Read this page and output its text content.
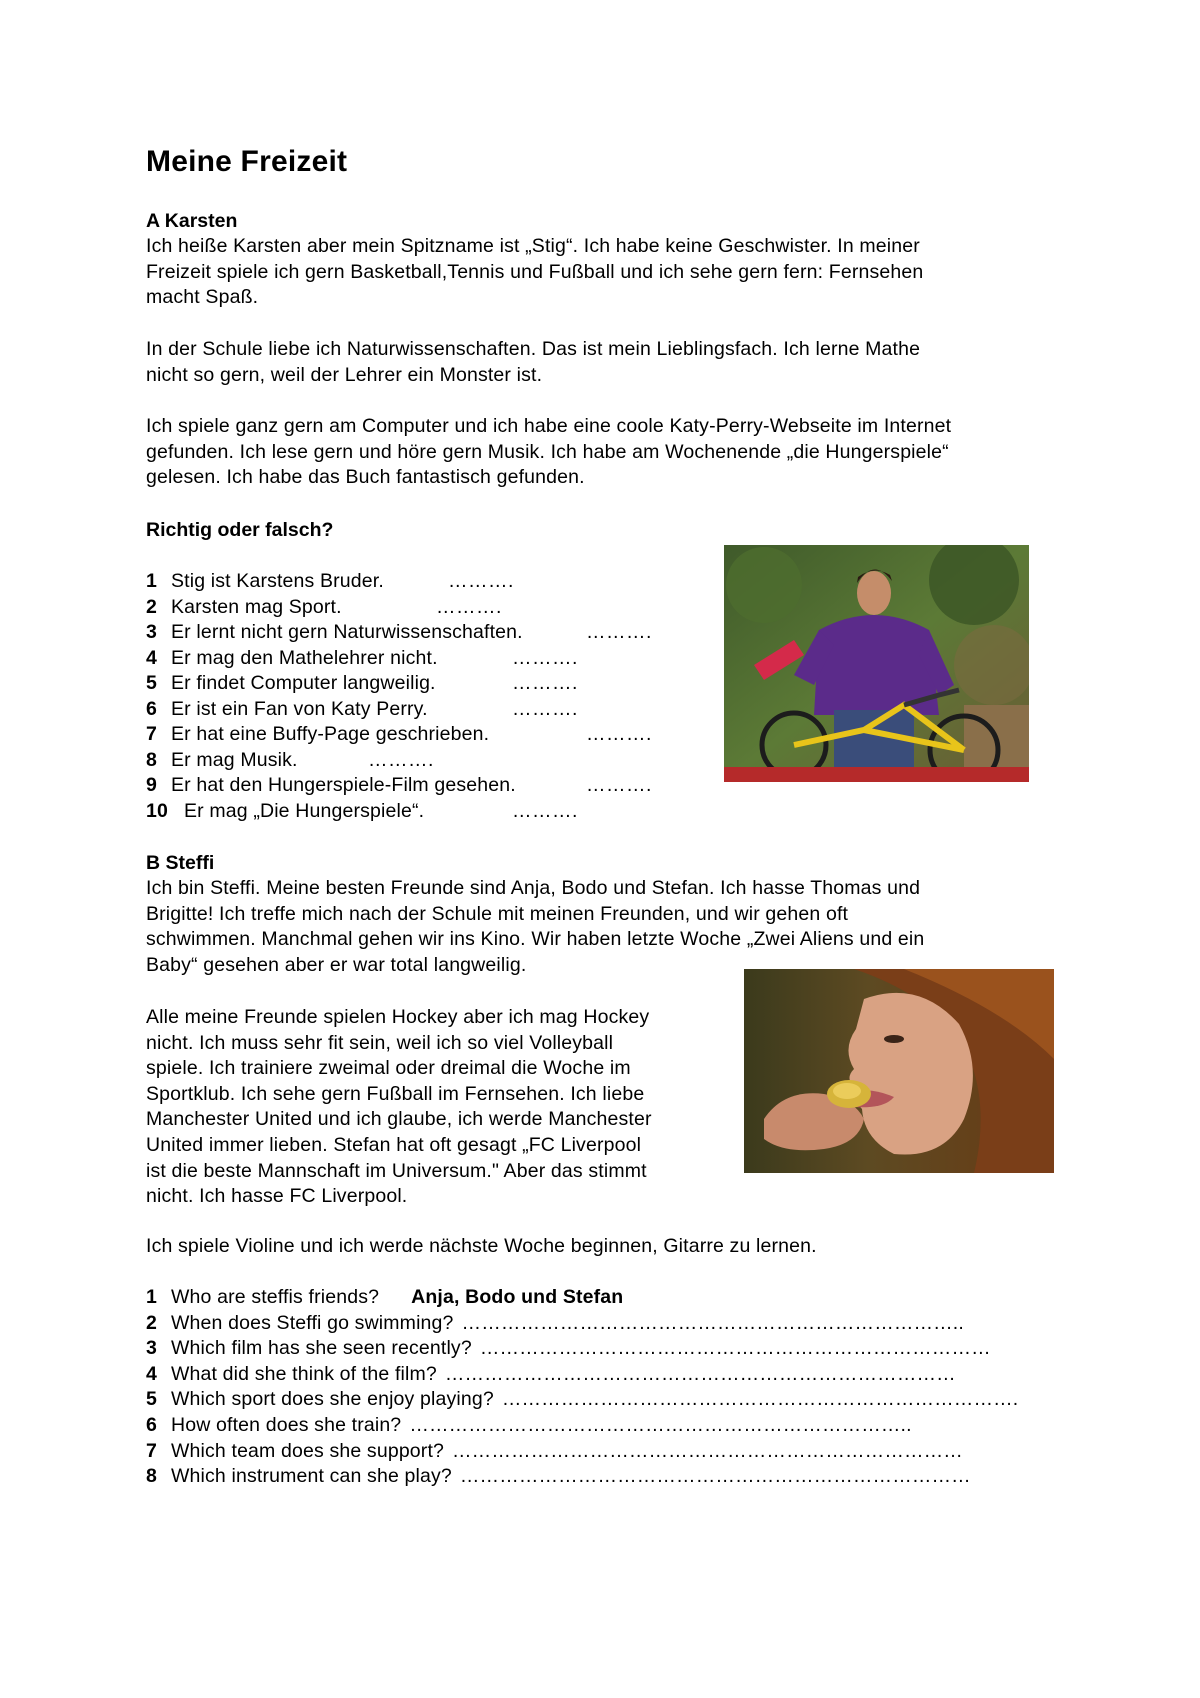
Meine Freizeit
A Karsten
Ich heiße Karsten aber mein Spitzname ist „Stig“. Ich habe keine Geschwister. In meiner
Freizeit spiele ich gern Basketball,Tennis und Fußball und ich sehe gern fern: Fernsehen
macht Spaß.
In der Schule liebe ich Naturwissenschaften. Das ist mein Lieblingsfach. Ich lerne Mathe
nicht so gern, weil der Lehrer ein Monster ist.
Ich spiele ganz gern am Computer und ich habe eine coole Katy-Perry-Webseite im Internet
gefunden. Ich lese gern und höre gern Musik. Ich habe am Wochenende „die Hungerspiele“
gelesen. Ich habe das Buch fantastisch gefunden.
Richtig oder falsch?
1 Stig ist Karstens Bruder.	……….
2 Karsten mag Sport.	……….
3 Er lernt nicht gern Naturwissenschaften.	……….
4 Er mag den Mathelehrer nicht.	……….
5 Er findet Computer langweilig.	……….
6 Er ist ein Fan von Katy Perry.	……….
7 Er hat eine Buffy-Page geschrieben.	……….
8 Er mag Musik.	……….
9 Er hat den Hungerspiele-Film gesehen.	……….
10 Er mag „Die Hungerspiele“.	……….
B Steffi
Ich bin Steffi. Meine besten Freunde sind Anja, Bodo und Stefan. Ich hasse Thomas und
Brigitte! Ich treffe mich nach der Schule mit meinen Freunden, und wir gehen oft
schwimmen. Manchmal gehen wir ins Kino. Wir haben letzte Woche „Zwei Aliens und ein
Baby“ gesehen aber er war total langweilig.
Alle meine Freunde spielen Hockey aber ich mag Hockey
nicht. Ich muss sehr fit sein, weil ich so viel Volleyball
spiele. Ich trainiere zweimal oder dreimal die Woche im
Sportklub. Ich sehe gern Fußball im Fernsehen. Ich liebe
Manchester United und ich glaube, ich werde Manchester
United immer lieben. Stefan hat oft gesagt „FC Liverpool
ist die beste Mannschaft im Universum." Aber das stimmt
nicht. Ich hasse FC Liverpool.
Ich spiele Violine und ich werde nächste Woche beginnen, Gitarre zu lernen.
1 Who are steffis friends? Anja, Bodo und Stefan
2 When does Steffi go swimming? …………………………………………………………………..
3 Which film has she seen recently? ……………………………………………………………………
4 What did she think of the film? ……………………………………………………………………
5 Which sport does she enjoy playing? …………………………………………………………………….
6 How often does she train? …………………………………………………………………..
7 Which team does she support? ……………………………………………………………………
8 Which instrument can she play? ……………………………………………………………………
